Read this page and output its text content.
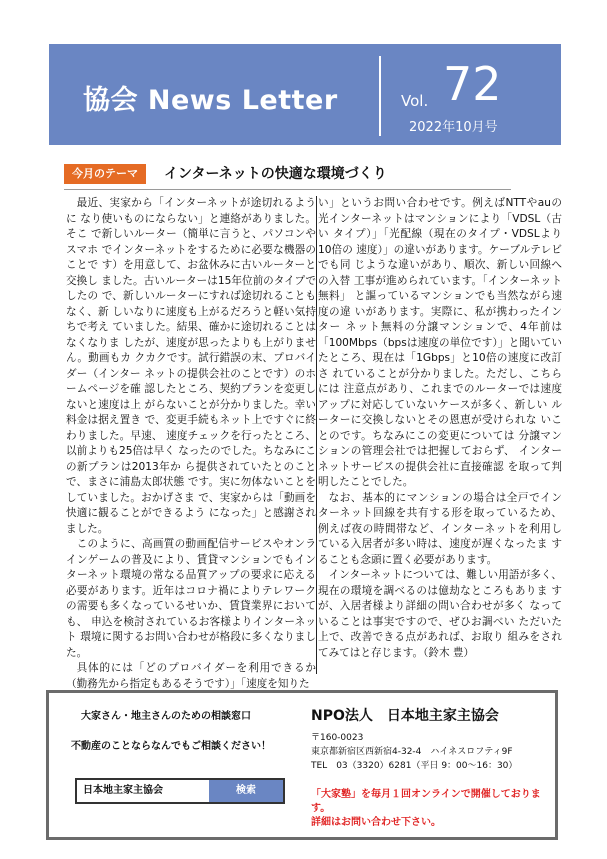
協会 News Letter	Vol. 72
2022年10月号
今月のテーマ	インターネットの快適な環境づくり

最近、実家から「インターネットが途切れるように なり使いものにならない」と連絡がありました。そこ で新しいルーター（簡単に言うと、パソコンやスマホ でインターネットをするために必要な機器のことで す）を用意して、お盆休みに古いルーターと交換し ました。古いルーターは15年位前のタイプでしたの で、新しいルーターにすれば途切れることもなく、新 しいなりに速度も上がるだろうと軽い気持ちで考え ていました。結果、確かに途切れることはなくなりま したが、速度が思ったよりも上がりません。動画もカ クカクです。試行錯誤の末、プロバイダー（インター ネットの提供会社のことです）のホームページを確 認したところ、契約プランを変更しないと速度は上 がらないことが分かりました。幸い料金は据え置き で、変更手続もネット上ですぐに終わりました。早速、 速度チェックを行ったところ、以前よりも25倍は早く なったのでした。ちなみにこの新プランは2013年か ら提供されていたとのことで、まさに浦島太郎状態 です。実に勿体ないことをしていました。おかげさま で、実家からは「動画を快適に観ることができるよう になった」と感謝されました。

このように、高画質の動画配信サービスやオンラ インゲームの普及により、賃貸マンションでもイン ターネット環境の常なる品質アップの要求に応える 必要があります。近年はコロナ禍によりテレワーク の需要も多くなっているせいか、賃貸業界においても、 申込を検討されているお客様よりインターネット 環境に関するお問い合わせが格段に多くなりました。

具体的には「どのプロバイダーを利用できるか （勤務先から指定もあるそうです）」「速度を知りた

い」というお問い合わせです。例えばNTTやauの 光インターネットはマンションにより「VDSL（古い タイプ）」「光配線（現在のタイプ・VDSLより10倍の 速度）」の違いがあります。ケーブルテレビでも同 じような違いがあり、順次、新しい回線への入替 工事が進められています。「インターネット無料」 と謳っているマンションでも当然ながら速度の違 いがあります。実際に、私が携わったインター ネット無料の分譲マンションで、4年前は 「100Mbps（bpsは速度の単位です）」と聞いてい たところ、現在は「1Gbps」と10倍の速度に改訂さ れていることが分かりました。ただし、こちらには 注意点があり、これまでのルーターでは速度 アップに対応していないケースが多く、新しい ルーターに交換しないとその恩恵が受けられな いことのです。ちなみにこの変更については 分譲マンションの管理会社では把握しておらず、 インターネットサービスの提供会社に直接確認 を取って判明したことでした。

なお、基本的にマンションの場合は全戸でイン ターネット回線を共有する形を取っているため、 例えば夜の時間帯など、インターネットを利用し ている入居者が多い時は、速度が遅くなったま することも念頭に置く必要があります。

インターネットについては、難しい用語が多く、 現在の環境を調べるのは億劫なところもありま すが、入居者様より詳細の問い合わせが多く なっていることは事実ですので、ぜひお調べい ただいた上で、改善できる点があれば、お取り 組みをされてみてはと存じます。（鈴木 豊）

大家さん・地主さんのための相談窓口
不動産のことならなんでもご相談ください！
日本地主家主協会	検索
NPO法人　日本地主家主協会
〒160-0023
東京都新宿区西新宿4-32-4　ハイネスロフティ9F
TEL　03（3320）6281（平日 9：00～16：30）
「大家塾」を毎月１回オンラインで開催しております。
詳細はお問い合わせ下さい。
